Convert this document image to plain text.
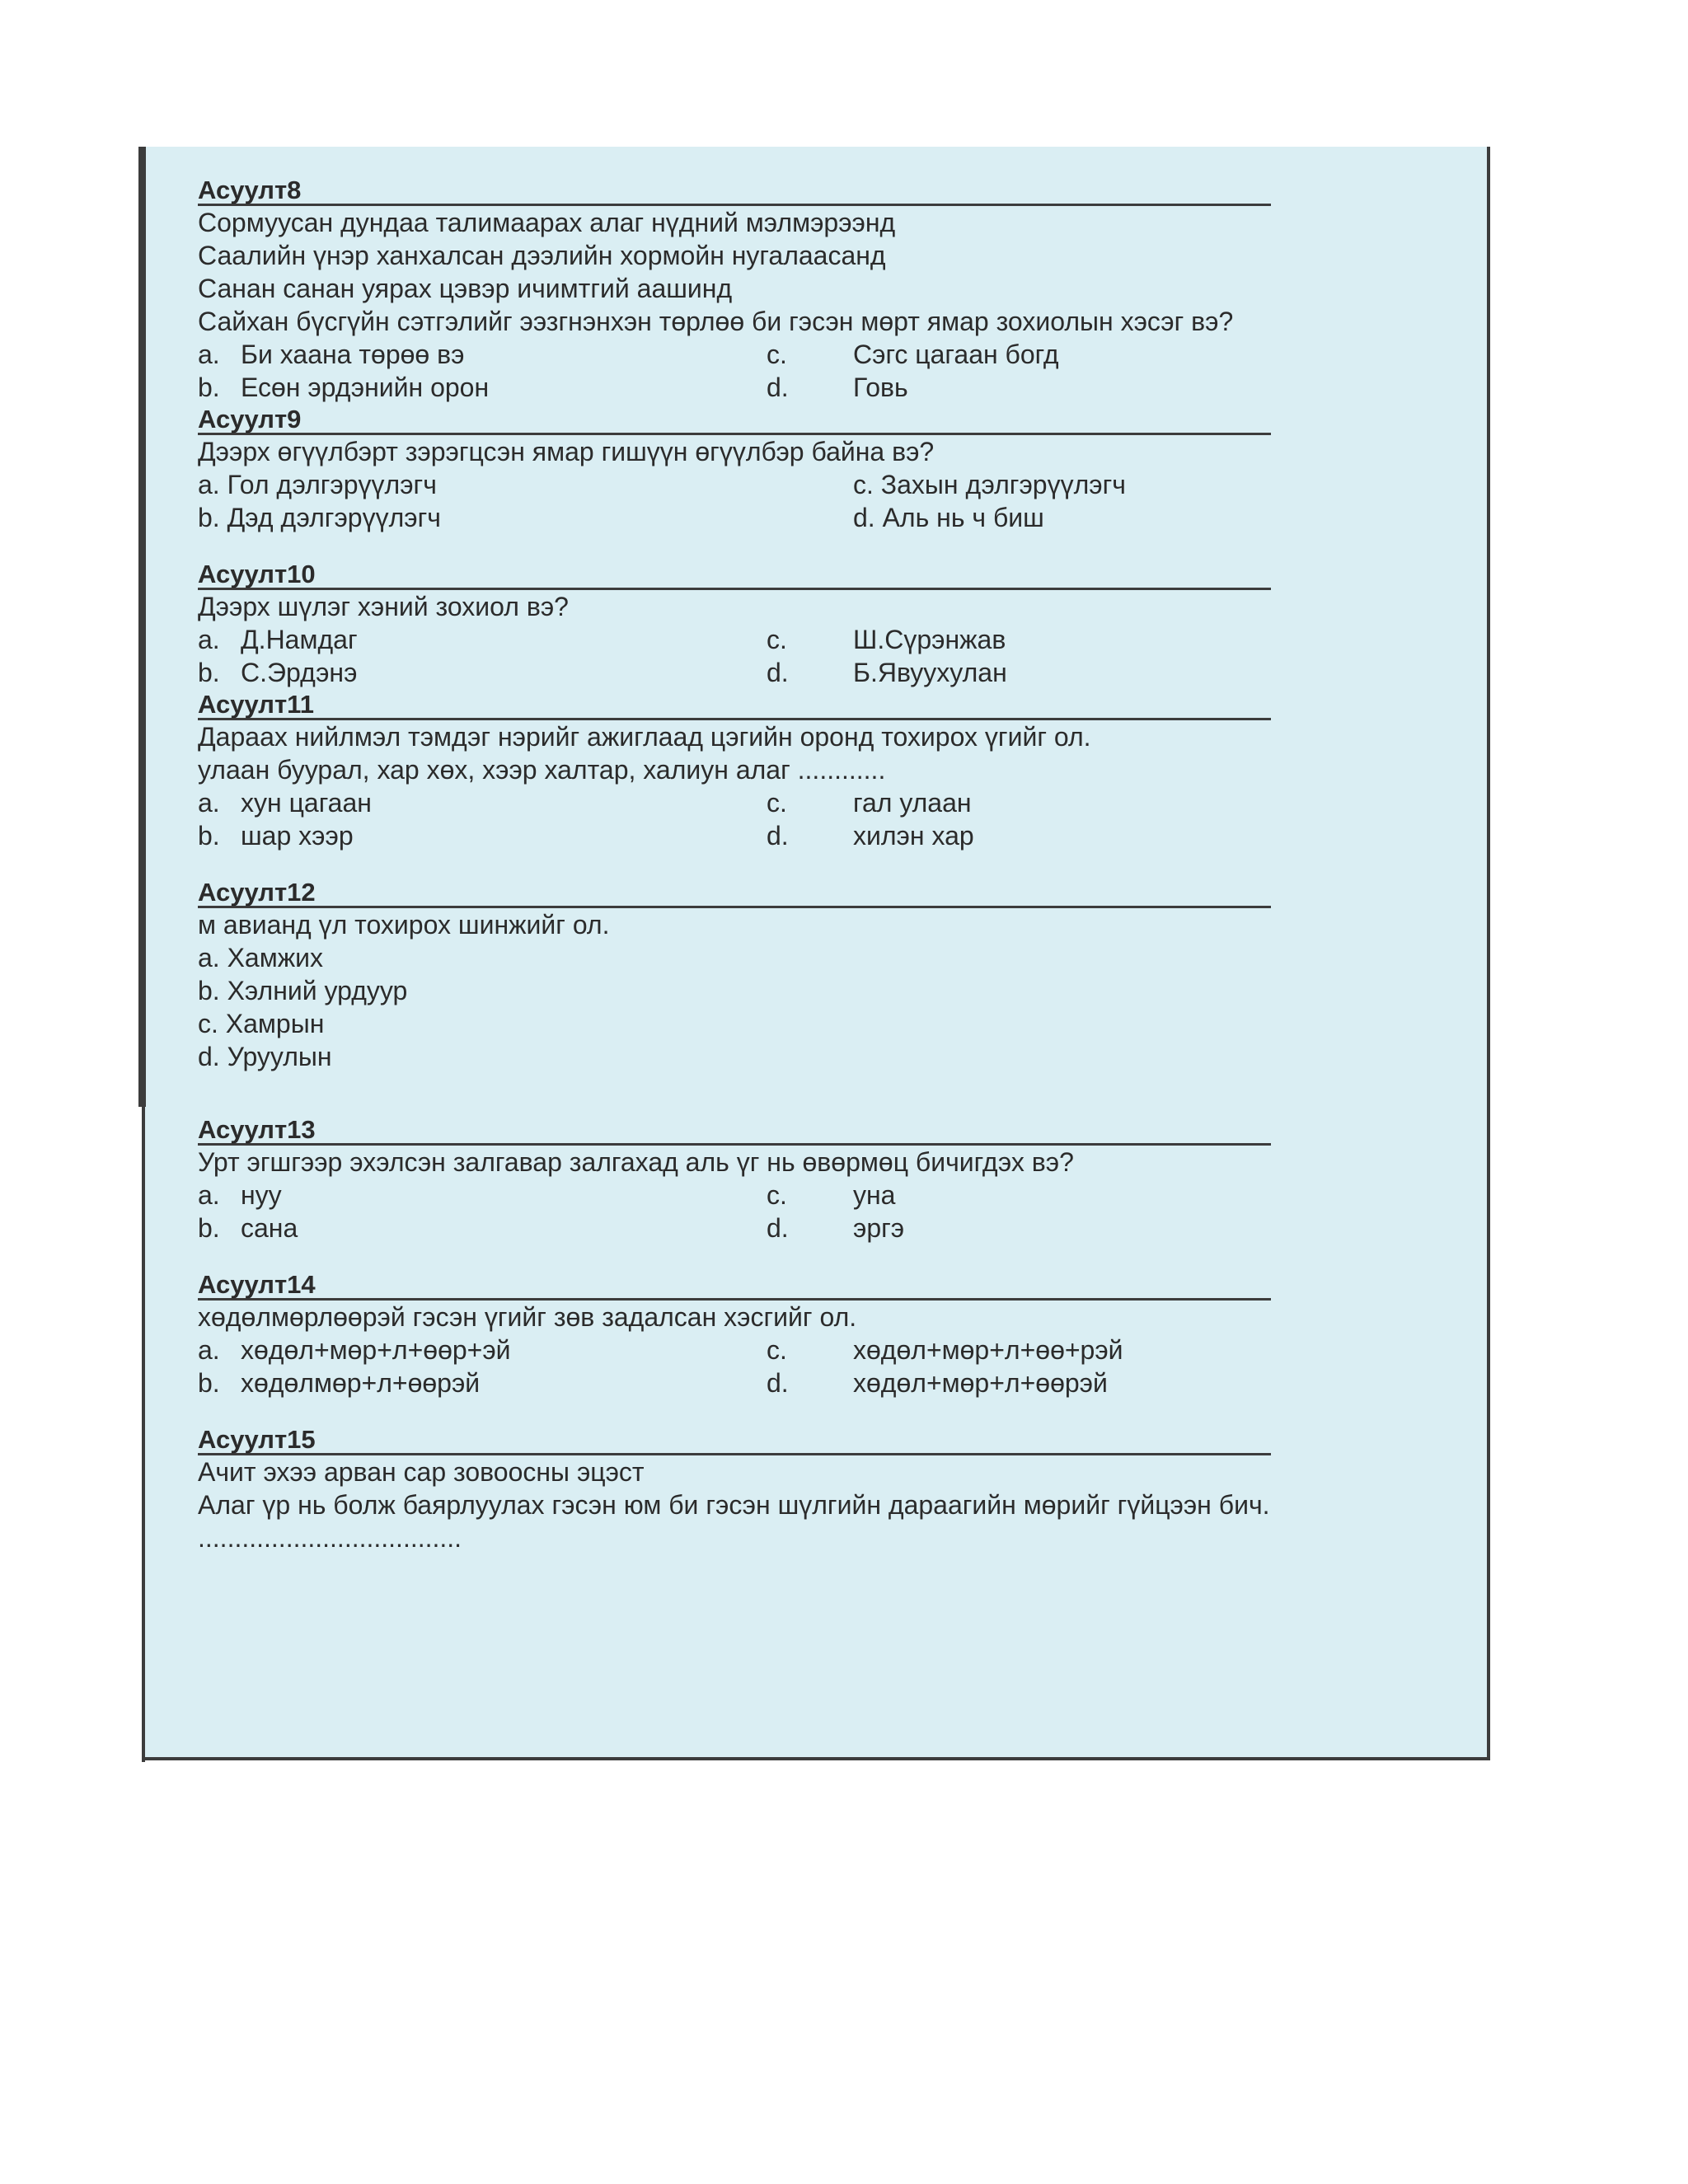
Асуулт8
Сормуусан дундаа талимаарах алаг нүдний мэлмэрээнд
Саалийн үнэр ханхалсан дээлийн хормойн нугалаасанд
Санан санан уярах цэвэр ичимтгий аашинд
Сайхан бүсгүйн сэтгэлийг ээзгнэнхэн төрлөө би гэсэн мөрт ямар зохиолын хэсэг вэ?
a. Би хаана төрөө вэ	c.	Сэгс цагаан богд
b. Есөн эрдэнийн орон	d. Говь
Асуулт9
Дээрх өгүүлбэрт зэрэгцсэн ямар гишүүн өгүүлбэр байна вэ?
a. Гол дэлгэрүүлэгч	c. Захын дэлгэрүүлэгч
b. Дэд дэлгэрүүлэгч	d. Аль нь ч биш
Асуулт10
Дээрх шүлэг хэний зохиол вэ?
a. Д.Намдаг	c.	Ш.Сүрэнжав
b. С.Эрдэнэ	d. Б.Явуухулан
Асуулт11
Дараах нийлмэл тэмдэг нэрийг ажиглаад цэгийн оронд тохирох үгийг ол.
улаан буурал, хар хөх, хээр халтар, халиун алаг ............
a. хун цагаан	c.	гал улаан
b. шар хээр	d. хилэн хар
Асуулт12
м авианд үл тохирох шинжийг ол.
a. Хамжих
b. Хэлний урдуур
c. Хамрын
d. Уруулын
Асуулт13
Урт эгшгээр эхэлсэн залгавар залгахад аль үг нь өвөрмөц бичигдэх вэ?
a. нуу	c.	уна
b. сана	d. эргэ
Асуулт14
хөдөлмөрлөөрэй гэсэн үгийг зөв задалсан хэсгийг ол.
a. хөдөл+мөр+л+өөр+эй	c.	хөдөл+мөр+л+өө+рэй
b. хөдөлмөр+л+өөрэй	d. хөдөл+мөр+л+өөрэй
Асуулт15
Ачит эхээ арван сар зовоосны эцэст
Алаг үр нь болж баярлуулах гэсэн юм би гэсэн шүлгийн дараагийн мөрийг гүйцээн бич.
....................................
